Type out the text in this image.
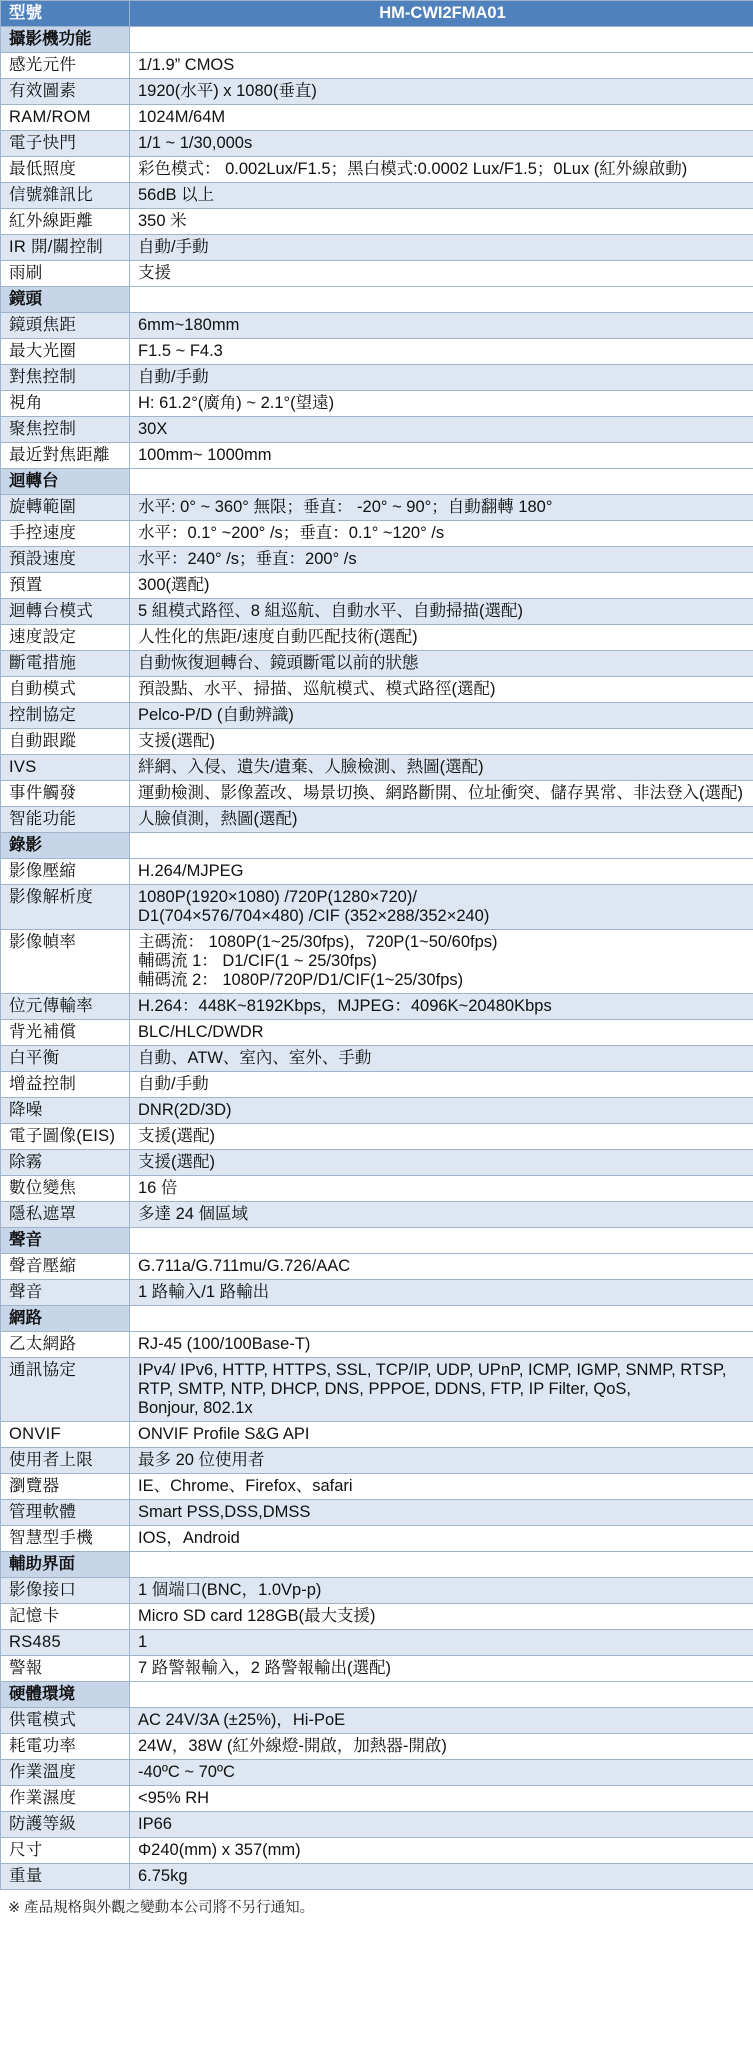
型號	HM-CWI2FMA01
攝影機功能	
感光元件	1/1.9” CMOS
有效圖素	1920(水平) x 1080(垂直)
RAM/ROM	1024M/64M
電子快門	1/1 ~ 1/30,000s
最低照度	彩色模式： 0.002Lux/F1.5；黑白模式:0.0002 Lux/F1.5；0Lux (紅外線啟動)
信號雜訊比	56dB 以上
紅外線距離	350 米
IR 開/關控制	自動/手動
雨刷	支援
鏡頭	
鏡頭焦距	6mm~180mm
最大光圈	F1.5 ~ F4.3
對焦控制	自動/手動
視角	H: 61.2°(廣角) ~ 2.1°(望遠)
聚焦控制	30X
最近對焦距離	100mm~ 1000mm
迴轉台	
旋轉範圍	水平: 0° ~ 360° 無限；垂直： -20° ~ 90°；自動翻轉 180°
手控速度	水平：0.1° ~200° /s；垂直：0.1° ~120° /s
預設速度	水平：240° /s；垂直：200° /s
預置	300(選配)
迴轉台模式	5 組模式路徑、8 組巡航、自動水平、自動掃描(選配)
速度設定	人性化的焦距/速度自動匹配技術(選配)
斷電措施	自動恢復迴轉台、鏡頭斷電以前的狀態
自動模式	預設點、水平、掃描、巡航模式、模式路徑(選配)
控制協定	Pelco-P/D (自動辨識)
自動跟蹤	支援(選配)
IVS	絆網、入侵、遺失/遺棄、人臉檢測、熱圖(選配)
事件觸發	運動檢測、影像蓋改、場景切換、網路斷開、位址衝突、儲存異常、非法登入(選配)
智能功能	人臉偵測，熱圖(選配)
錄影	
影像壓縮	H.264/MJPEG
影像解析度	1080P(1920×1080) /720P(1280×720)/
D1(704×576/704×480) /CIF (352×288/352×240)
影像幀率	主碼流： 1080P(1~25/30fps)，720P(1~50/60fps)
輔碼流 1： D1/CIF(1 ~ 25/30fps)
輔碼流 2： 1080P/720P/D1/CIF(1~25/30fps)
位元傳輸率	H.264：448K~8192Kbps，MJPEG：4096K~20480Kbps
背光補償	BLC/HLC/DWDR
白平衡	自動、ATW、室內、室外、手動
增益控制	自動/手動
降噪	DNR(2D/3D)
電子圖像(EIS)	支援(選配)
除霧	支援(選配)
數位變焦	16 倍
隱私遮罩	多達 24 個區域
聲音	
聲音壓縮	G.711a/G.711mu/G.726/AAC
聲音	1 路輸入/1 路輸出
網路	
乙太網路	RJ-45 (100/100Base-T)
通訊協定	IPv4/ IPv6, HTTP, HTTPS, SSL, TCP/IP, UDP, UPnP, ICMP, IGMP, SNMP, RTSP, RTP, SMTP, NTP, DHCP, DNS, PPPOE, DDNS, FTP, IP Filter, QoS,
Bonjour, 802.1x
ONVIF	ONVIF Profile S&G API
使用者上限	最多 20 位使用者
瀏覽器	IE、Chrome、Firefox、safari
管理軟體	Smart PSS,DSS,DMSS
智慧型手機	IOS，Android
輔助界面	
影像接口	1 個端口(BNC，1.0Vp-p)
記憶卡	Micro SD card 128GB(最大支援)
RS485	1
警報	7 路警報輸入，2 路警報輸出(選配)
硬體環境	
供電模式	AC 24V/3A (±25%)，Hi-PoE
耗電功率	24W，38W (紅外線燈-開啟，加熱器-開啟)
作業溫度	-40ºC ~ 70ºC
作業濕度	<95% RH
防護等級	IP66
尺寸	Φ240(mm) x 357(mm)
重量	6.75kg
※ 產品規格與外觀之變動本公司將不另行通知。
